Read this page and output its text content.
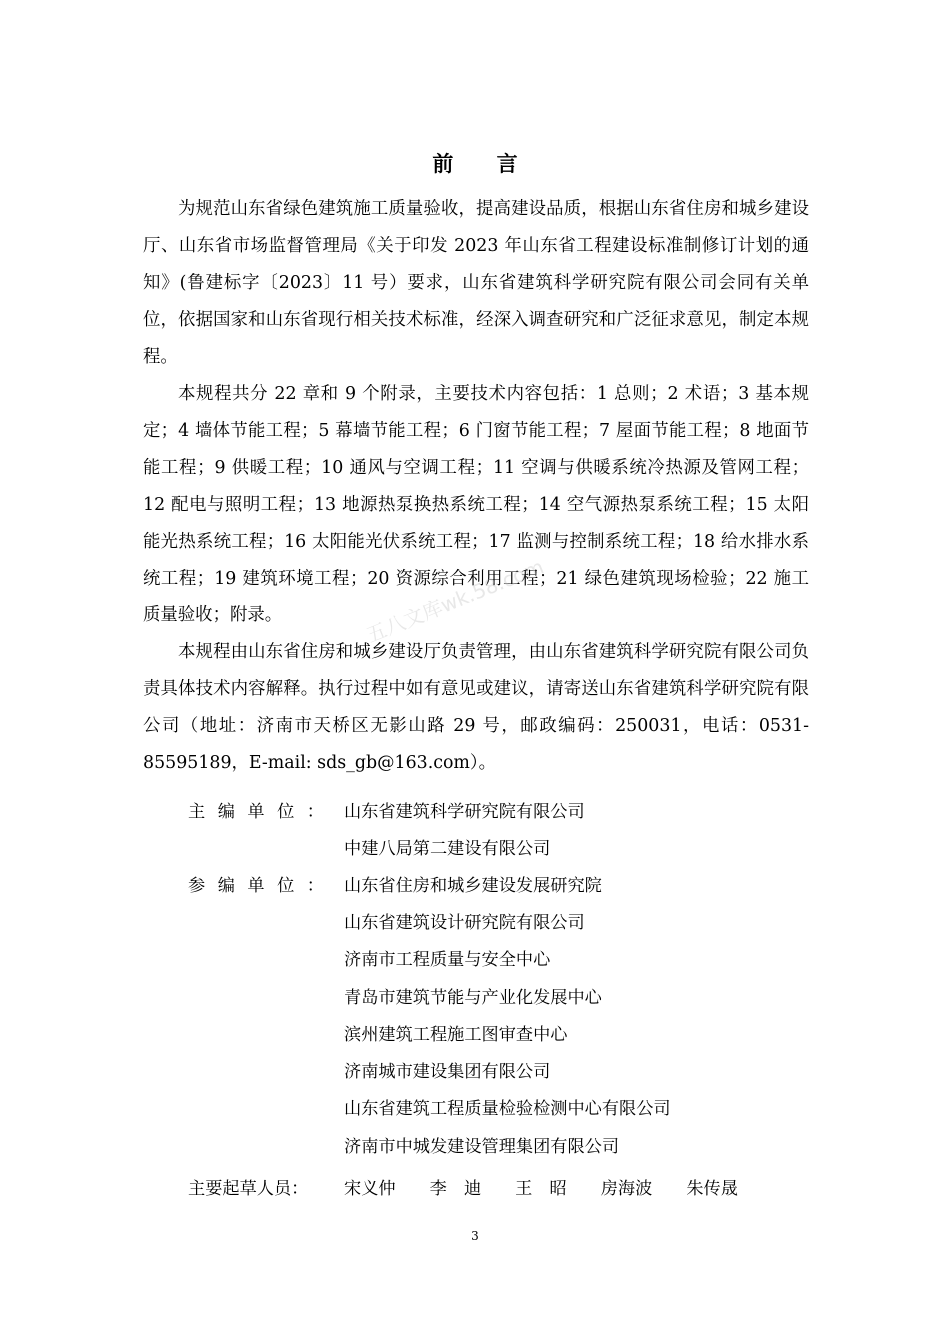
前 言

为规范山东省绿色建筑施工质量验收，提高建设品质，根据山东省住房和城乡建设厅、山东省市场监督管理局《关于印发 2023 年山东省工程建设标准制修订计划的通知》(鲁建标字〔2023〕11 号）要求，山东省建筑科学研究院有限公司会同有关单位，依据国家和山东省现行相关技术标准，经深入调查研究和广泛征求意见，制定本规程。

本规程共分 22 章和 9 个附录，主要技术内容包括：1 总则；2 术语；3 基本规定；4 墙体节能工程；5 幕墙节能工程；6 门窗节能工程；7 屋面节能工程；8 地面节能工程；9 供暖工程；10 通风与空调工程；11 空调与供暖系统冷热源及管网工程；12 配电与照明工程；13 地源热泵换热系统工程；14 空气源热泵系统工程；15 太阳能光热系统工程；16 太阳能光伏系统工程；17 监测与控制系统工程；18 给水排水系统工程；19 建筑环境工程；20 资源综合利用工程；21 绿色建筑现场检验；22 施工质量验收；附录。

本规程由山东省住房和城乡建设厅负责管理，由山东省建筑科学研究院有限公司负责具体技术内容解释。执行过程中如有意见或建议，请寄送山东省建筑科学研究院有限公司（地址：济南市天桥区无影山路 29 号，邮政编码：250031，电话：0531-85595189，E-mail: sds_gb@163.com）。

主编单位： 山东省建筑科学研究院有限公司
中建八局第二建设有限公司
参编单位： 山东省住房和城乡建设发展研究院
山东省建筑设计研究院有限公司
济南市工程质量与安全中心
青岛市建筑节能与产业化发展中心
滨州建筑工程施工图审查中心
济南城市建设集团有限公司
山东省建筑工程质量检验检测中心有限公司
济南市中城发建设管理集团有限公司
主要起草人员： 宋义仲 李　迪 王　昭 房海波 朱传晟
五八文库wk.58.com
3
